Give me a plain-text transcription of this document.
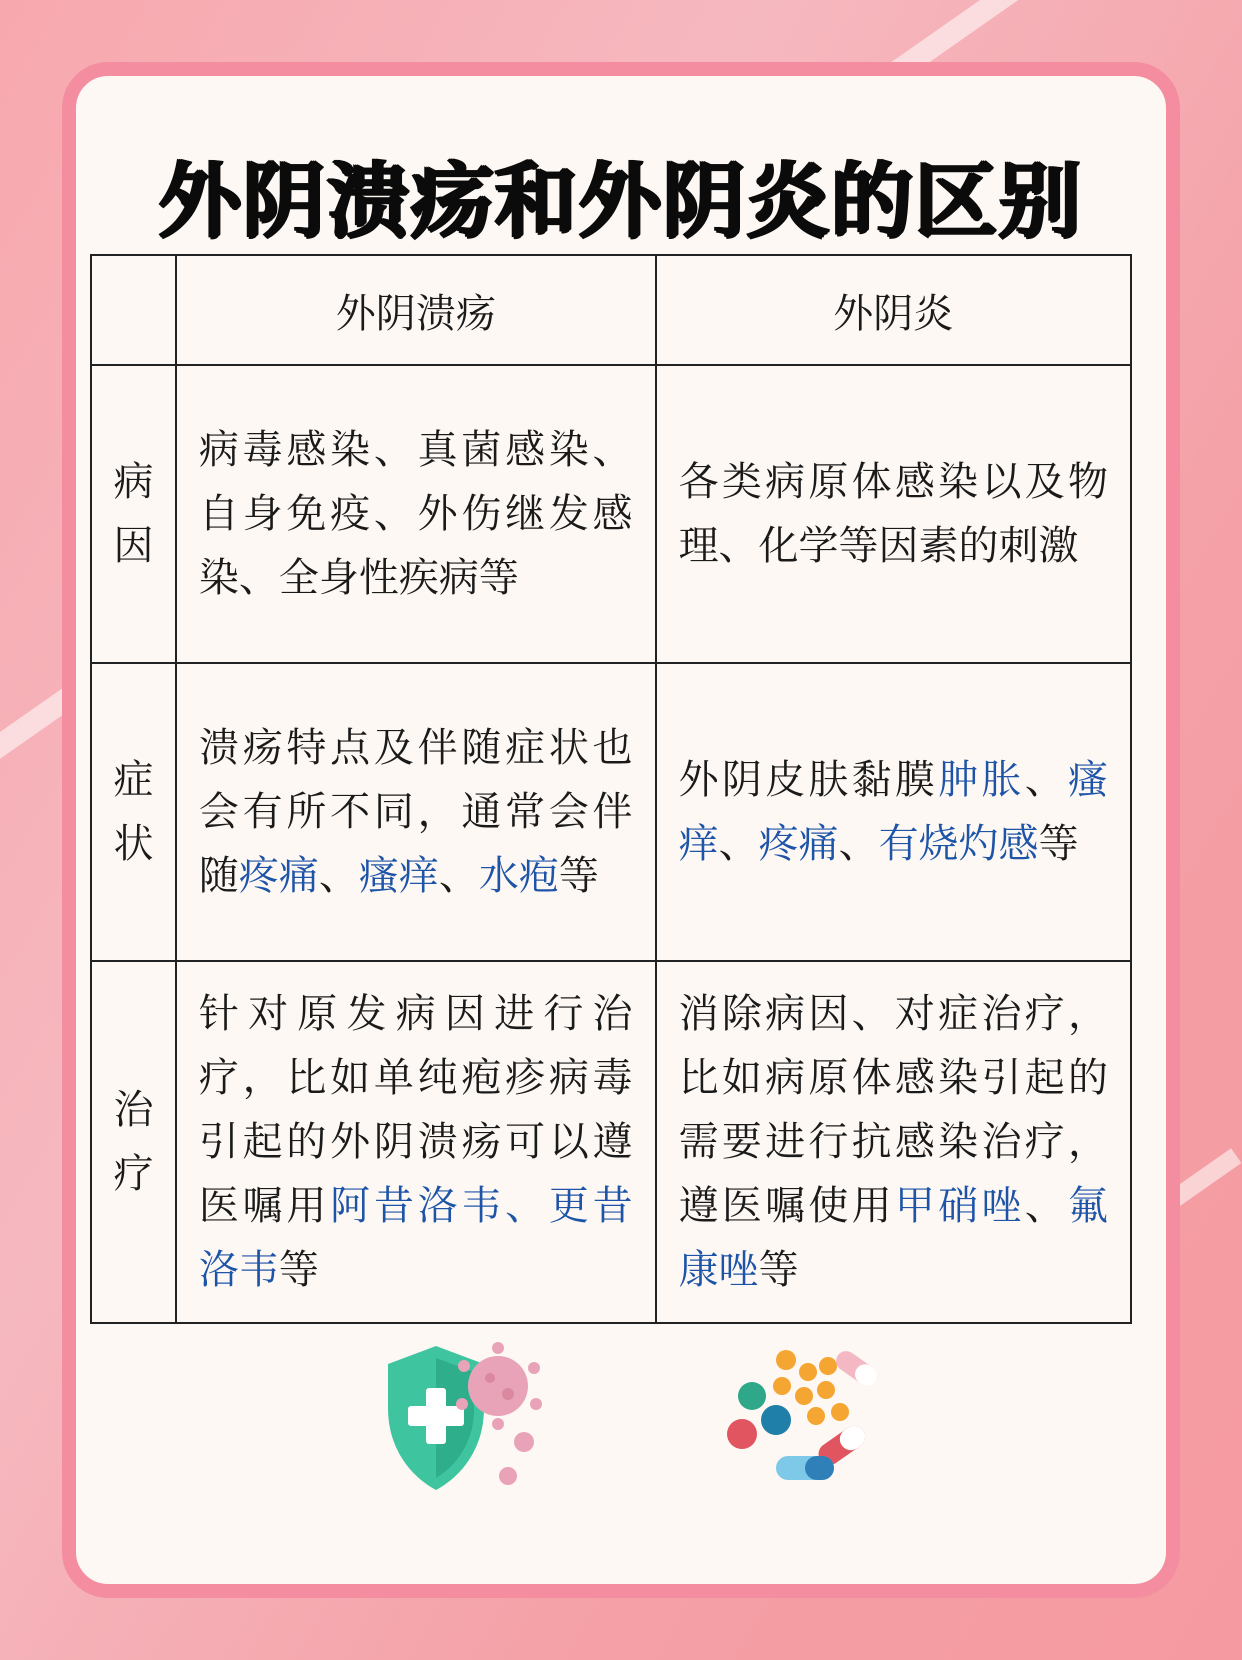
外阴溃疡和外阴炎的区别
	外阴溃疡	外阴炎
病因	病毒感染、真菌感染、自身免疫、外伤继发感染、全身性疾病等	各类病原体感染以及物理、化学等因素的刺激
症状	溃疡特点及伴随症状也会有所不同，通常会伴随疼痛、瘙痒、水疱等	外阴皮肤黏膜肿胀、瘙痒、疼痛、有烧灼感等
治疗	针对原发病因进行治疗，比如单纯疱疹病毒引起的外阴溃疡可以遵医嘱用阿昔洛韦、更昔洛韦等	消除病因、对症治疗，比如病原体感染引起的需要进行抗感染治疗，遵医嘱使用甲硝唑、氟康唑等
